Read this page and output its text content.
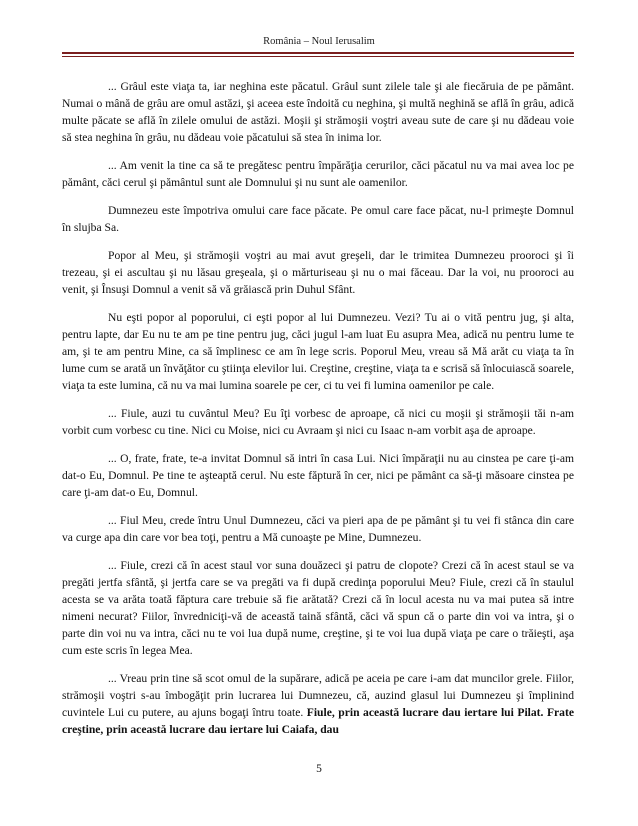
România – Noul Ierusalim

... Grâul este viaţa ta, iar neghina este păcatul. Grâul sunt zilele tale şi ale fiecăruia de pe pământ. Numai o mână de grâu are omul astăzi, şi aceea este îndoită cu neghina, şi multă neghină se află în grâu, adică multe păcate se află în zilele omului de astăzi. Moşii şi strămoşii voştri aveau sute de care şi nu dădeau voie să stea neghina în grâu, nu dădeau voie păcatului să stea în inima lor.

... Am venit la tine ca să te pregătesc pentru împărăţia cerurilor, căci păcatul nu va mai avea loc pe pământ, căci cerul şi pământul sunt ale Domnului şi nu sunt ale oamenilor.

Dumnezeu este împotriva omului care face păcate. Pe omul care face păcat, nu-l primeşte Domnul în slujba Sa.

Popor al Meu, şi strămoşii voştri au mai avut greşeli, dar le trimitea Dumnezeu prooroci şi îi trezeau, şi ei ascultau şi nu lăsau greşeala, şi o mărturiseau şi nu o mai făceau. Dar la voi, nu prooroci au venit, şi Însuşi Domnul a venit să vă grăiască prin Duhul Sfânt.

Nu eşti popor al poporului, ci eşti popor al lui Dumnezeu. Vezi? Tu ai o vită pentru jug, şi alta, pentru lapte, dar Eu nu te am pe tine pentru jug, căci jugul l-am luat Eu asupra Mea, adică nu pentru lume te am, şi te am pentru Mine, ca să împlinesc ce am în lege scris. Poporul Meu, vreau să Mă arăt cu viaţa ta în lume cum se arată un învăţător cu ştiinţa elevilor lui. Creştine, creştine, viaţa ta e scrisă să înlocuiască soarele, viaţa ta este lumina, că nu va mai lumina soarele pe cer, ci tu vei fi lumina oamenilor pe cale.

... Fiule, auzi tu cuvântul Meu? Eu îţi vorbesc de aproape, că nici cu moşii şi strămoşii tăi n-am vorbit cum vorbesc cu tine. Nici cu Moise, nici cu Avraam şi nici cu Isaac n-am vorbit aşa de aproape.

... O, frate, frate, te-a invitat Domnul să intri în casa Lui. Nici împăraţii nu au cinstea pe care ţi-am dat-o Eu, Domnul. Pe tine te aşteaptă cerul. Nu este făptură în cer, nici pe pământ ca să-ţi măsoare cinstea pe care ţi-am dat-o Eu, Domnul.

... Fiul Meu, crede întru Unul Dumnezeu, căci va pieri apa de pe pământ şi tu vei fi stânca din care va curge apa din care vor bea toţi, pentru a Mă cunoaşte pe Mine, Dumnezeu.

... Fiule, crezi că în acest staul vor suna douăzeci şi patru de clopote? Crezi că în acest staul se va pregăti jertfa sfântă, şi jertfa care se va pregăti va fi după credinţa poporului Meu? Fiule, crezi că în staulul acesta se va arăta toată făptura care trebuie să fie arătată? Crezi că în locul acesta nu va mai putea să intre nimeni necurat? Fiilor, învredniciţi-vă de această taină sfântă, căci vă spun că o parte din voi va intra, şi o parte din voi nu va intra, căci nu te voi lua după nume, creştine, şi te voi lua după viaţa pe care o trăieşti, aşa cum este scris în legea Mea.

... Vreau prin tine să scot omul de la supărare, adică pe aceia pe care i-am dat muncilor grele. Fiilor, strămoşii voştri s-au îmbogăţit prin lucrarea lui Dumnezeu, că, auzind glasul lui Dumnezeu şi împlinind cuvintele Lui cu putere, au ajuns bogaţi întru toate. Fiule, prin această lucrare dau iertare lui Pilat. Frate creştine, prin această lucrare dau iertare lui Caiafa, dau

5
